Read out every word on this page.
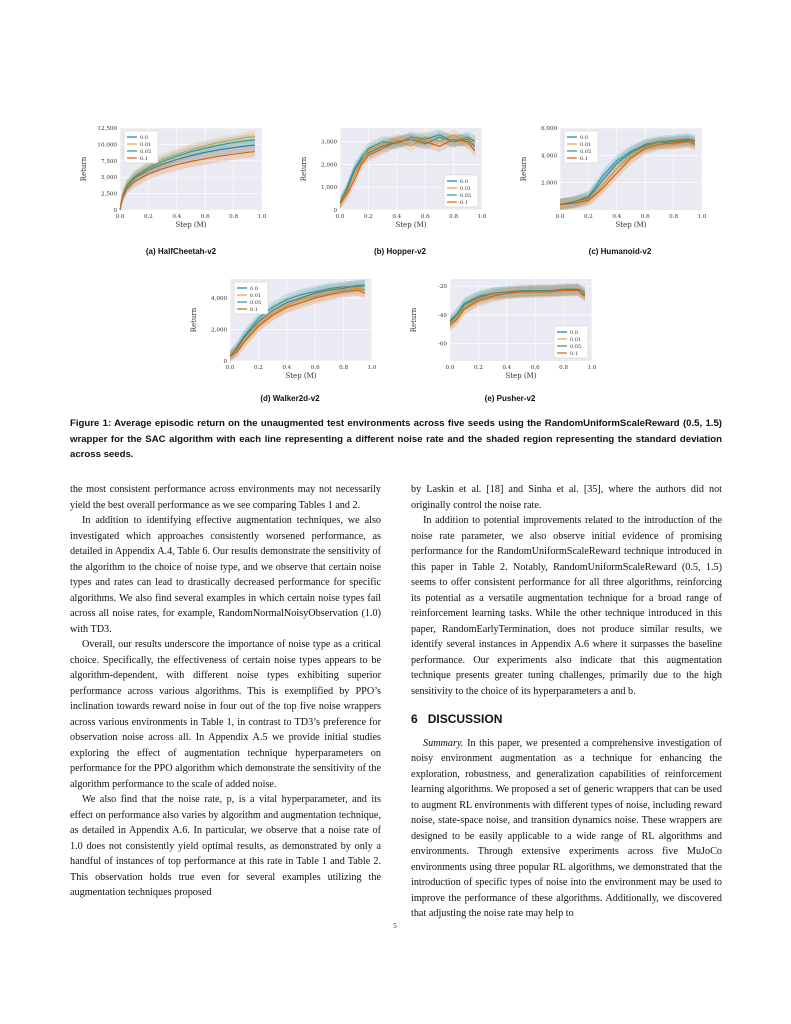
0
2,500
5,000
7,500
10,000
12,500
0.0	0.2	0.4	0.6	0.8	1.0
Step (M)
Return
0.0
0.01
0.05
0.1
(a) HalfCheetah-v2
0
1,000
2,000
3,000
0.0	0.2	0.4	0.6	0.8	1.0
Step (M)
Return
0.0
0.01
0.05
0.1
(b) Hopper-v2
2,000
4,000
6,000
0.0	0.2	0.4	0.6	0.8	1.0
Step (M)
Return
0.0
0.01
0.05
0.1
(c) Humanoid-v2
0
2,000
4,000
0.0	0.2	0.4	0.6	0.8	1.0
Step (M)
Return
0.0
0.01
0.05
0.1
(d) Walker2d-v2
-60
-40
-20
0.0	0.2	0.4	0.6	0.8	1.0
Step (M)
Return
0.0
0.01
0.05
0.1
(e) Pusher-v2
Figure 1: Average episodic return on the unaugmented test environments across five seeds using the RandomUniformScaleReward (0.5, 1.5) wrapper for the SAC algorithm with each line representing a different noise rate and the shaded region representing the standard deviation across seeds.

the most consistent performance across environments may not necessarily yield the best overall performance as we see comparing Tables 1 and 2.

In addition to identifying effective augmentation techniques, we also investigated which approaches consistently worsened performance, as detailed in Appendix A.4, Table 6. Our results demonstrate the sensitivity of the algorithm to the choice of noise type, and we observe that certain noise types and rates can lead to drastically decreased performance for specific algorithms. We also find several examples in which certain noise types fail across all noise rates, for example, RandomNormalNoisyObservation (1.0) with TD3.

Overall, our results underscore the importance of noise type as a critical choice. Specifically, the effectiveness of certain noise types appears to be algorithm-dependent, with different noise types exhibiting superior performance across various algorithms. This is exemplified by PPO’s inclination towards reward noise in four out of the top five noise wrappers across various environments in Table 1, in contrast to TD3’s preference for observation noise across all. In Appendix A.5 we provide initial studies exploring the effect of augmentation technique hyperparameters on performance for the PPO algorithm which demonstrate the sensitivity of the algorithm performance to the scale of added noise.

We also find that the noise rate, p, is a vital hyperparameter, and its effect on performance also varies by algorithm and augmentation technique, as detailed in Appendix A.6. In particular, we observe that a noise rate of 1.0 does not consistently yield optimal results, as demonstrated by only a handful of instances of top performance at this rate in Table 1 and Table 2. This observation holds true even for several examples utilizing the augmentation techniques proposed

by Laskin et al. [18] and Sinha et al. [35], where the authors did not originally control the noise rate.

In addition to potential improvements related to the introduction of the noise rate parameter, we also observe initial evidence of promising performance for the RandomUniformScaleReward technique introduced in this paper in Table 2. Notably, RandomUniformScaleReward (0.5, 1.5) seems to offer consistent performance for all three algorithms, reinforcing its potential as a versatile augmentation technique for a broad range of reinforcement learning tasks. While the other technique introduced in this paper, RandomEarlyTermination, does not produce similar results, we identify several instances in Appendix A.6 where it surpasses the baseline performance. Our experiments also indicate that this augmentation technique presents greater tuning challenges, primarily due to the high sensitivity to the choice of its hyperparameters a and b.

6 DISCUSSION

Summary. In this paper, we presented a comprehensive investigation of noisy environment augmentation as a technique for enhancing the exploration, robustness, and generalization capabilities of reinforcement learning algorithms. We proposed a set of generic wrappers that can be used to augment RL environments with different types of noise, including reward noise, state-space noise, and transition dynamics noise. These wrappers are designed to be easily applicable to a wide range of RL algorithms and environments. Through extensive experiments across five MuJoCo environments using three popular RL algorithms, we demonstrated that the introduction of specific types of noise into the environment may be used to improve the performance of these algorithms. Additionally, we discovered that adjusting the noise rate may help to

5
